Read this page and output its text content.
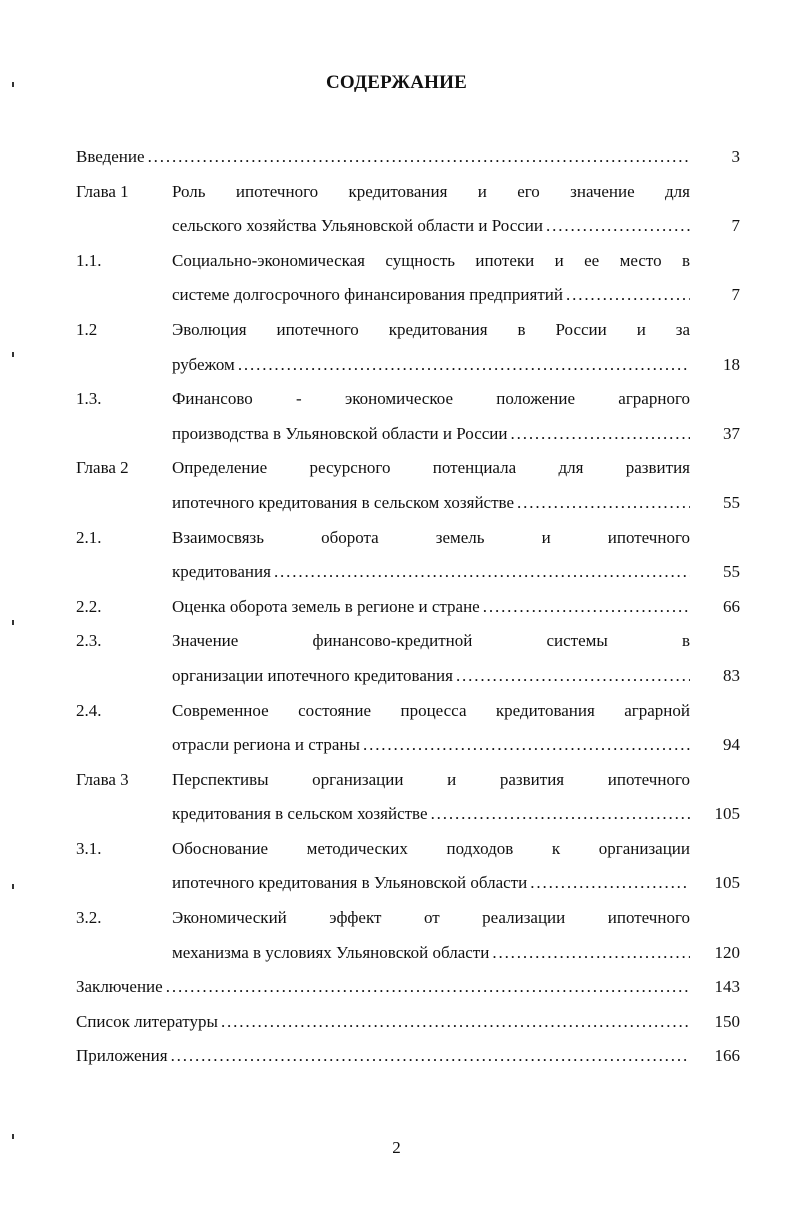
СОДЕРЖАНИЕ
Введение . . .	3
Глава 1	Роль ипотечного кредитования и его значение для
сельского хозяйства Ульяновской области и России . . .	7
1.1.	Социально-экономическая сущность ипотеки и ее место в
системе долгосрочного финансирования предприятий . . .	7
1.2	Эволюция ипотечного кредитования в России и за
рубежом . . .	18
1.3.	Финансово - экономическое положение аграрного
производства в Ульяновской области и России . . .	37
Глава 2	Определение ресурсного потенциала для развития
ипотечного кредитования в сельском хозяйстве . . .	55
2.1.	Взаимосвязь оборота земель и ипотечного
кредитования . . .	55
2.2.	Оценка оборота земель в регионе и стране . . .	66
2.3.	Значение финансово-кредитной системы в
организации ипотечного кредитования . . .	83
2.4.	Современное состояние процесса кредитования аграрной
отрасли региона и страны . . .	94
Глава 3	Перспективы организации и развития ипотечного
кредитования в сельском хозяйстве . . .	105
3.1.	Обоснование методических подходов к организации
ипотечного кредитования в Ульяновской области . . .	105
3.2.	Экономический эффект от реализации ипотечного
механизма в условиях Ульяновской области . . .	120
Заключение . . .	143
Список литературы . . .	150
Приложения . . .	166
2
